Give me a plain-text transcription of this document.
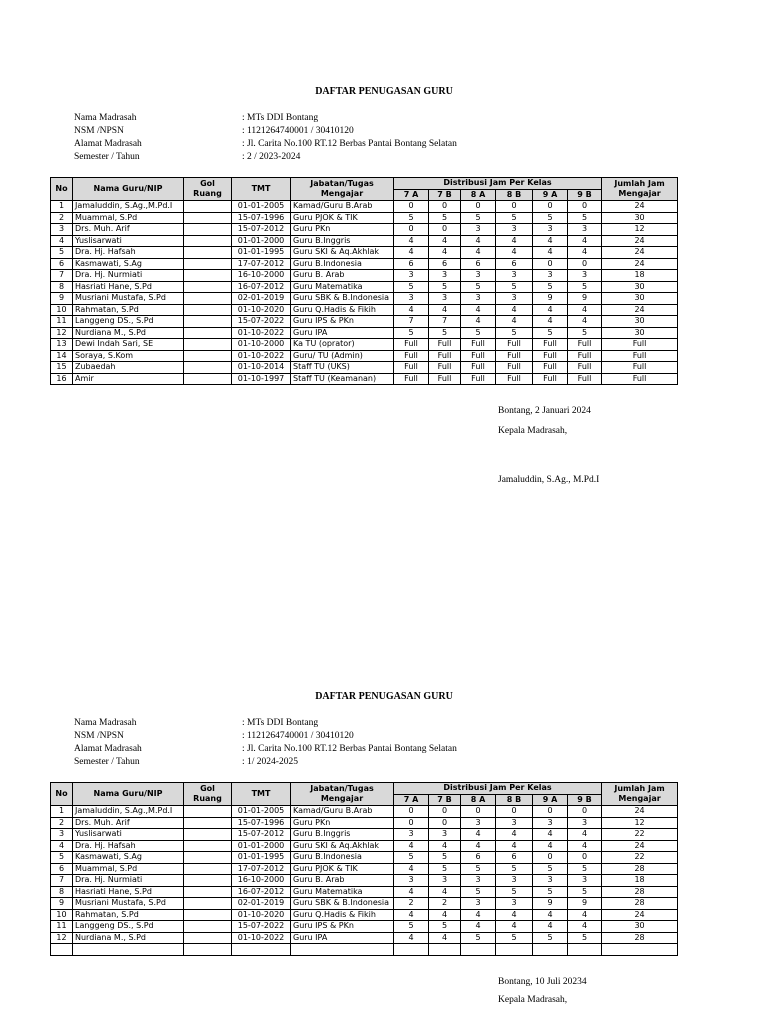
DAFTAR PENUGASAN GURU
Nama Madrasah	: MTs DDI Bontang
NSM /NPSN	: 1121264740001 / 30410120
Alamat Madrasah	: Jl. Carita No.100 RT.12 Berbas Pantai Bontang Selatan
Semester / Tahun	: 2 / 2023-2024
No	Nama Guru/NIP	Gol Ruang	TMT	Jabatan/Tugas Mengajar	Distribusi Jam Per Kelas						Jumlah Jam Mengajar
					7 A	7 B	8 A	8 B	9 A	9 B	
1	Jamaluddin, S.Ag.,M.Pd.I		01-01-2005	Kamad/Guru B.Arab	0	0	0	0	0	0	24
2	Muammal, S.Pd		15-07-1996	Guru PJOK & TIK	5	5	5	5	5	5	30
3	Drs. Muh. Arif		15-07-2012	Guru PKn	0	0	3	3	3	3	12
4	Yuslisarwati		01-01-2000	Guru B.Inggris	4	4	4	4	4	4	24
5	Dra. Hj. Hafsah		01-01-1995	Guru SKI & Aq.Akhlak	4	4	4	4	4	4	24
6	Kasmawati, S.Ag		17-07-2012	Guru B.Indonesia	6	6	6	6	0	0	24
7	Dra. Hj. Nurmiati		16-10-2000	Guru B. Arab	3	3	3	3	3	3	18
8	Hasriati Hane, S.Pd		16-07-2012	Guru Matematika	5	5	5	5	5	5	30
9	Musriani Mustafa, S.Pd		02-01-2019	Guru SBK & B.Indonesia	3	3	3	3	9	9	30
10	Rahmatan, S.Pd		01-10-2020	Guru Q.Hadis & Fikih	4	4	4	4	4	4	24
11	Langgeng DS., S.Pd		15-07-2022	Guru IPS & PKn	7	7	4	4	4	4	30
12	Nurdiana M., S.Pd		01-10-2022	Guru IPA	5	5	5	5	5	5	30
13	Dewi Indah Sari, SE		01-10-2000	Ka TU (oprator)	Full	Full	Full	Full	Full	Full	Full
14	Soraya, S.Kom		01-10-2022	Guru/ TU (Admin)	Full	Full	Full	Full	Full	Full	Full
15	Zubaedah		01-10-2014	Staff TU (UKS)	Full	Full	Full	Full	Full	Full	Full
16	Amir		01-10-1997	Staff TU (Keamanan)	Full	Full	Full	Full	Full	Full	Full
Bontang, 2 Januari 2024
Kepala Madrasah,
Jamaluddin, S.Ag., M.Pd.I
DAFTAR PENUGASAN GURU
Nama Madrasah	: MTs DDI Bontang
NSM /NPSN	: 1121264740001 / 30410120
Alamat Madrasah	: Jl. Carita No.100 RT.12 Berbas Pantai Bontang Selatan
Semester / Tahun	: 1/ 2024-2025
No	Nama Guru/NIP	Gol Ruang	TMT	Jabatan/Tugas Mengajar	Distribusi Jam Per Kelas						Jumlah Jam Mengajar
					7 A	7 B	8 A	8 B	9 A	9 B	
1	Jamaluddin, S.Ag.,M.Pd.I		01-01-2005	Kamad/Guru B.Arab	0	0	0	0	0	0	24
2	Drs. Muh. Arif		15-07-1996	Guru PKn	0	0	3	3	3	3	12
3	Yuslisarwati		15-07-2012	Guru B.Inggris	3	3	4	4	4	4	22
4	Dra. Hj. Hafsah		01-01-2000	Guru SKI & Aq.Akhlak	4	4	4	4	4	4	24
5	Kasmawati, S.Ag		01-01-1995	Guru B.Indonesia	5	5	6	6	0	0	22
6	Muammal, S.Pd		17-07-2012	Guru PJOK & TIK	4	5	5	5	5	5	28
7	Dra. Hj. Nurmiati		16-10-2000	Guru B. Arab	3	3	3	3	3	3	18
8	Hasriati Hane, S.Pd		16-07-2012	Guru Matematika	4	4	5	5	5	5	28
9	Musriani Mustafa, S.Pd		02-01-2019	Guru SBK & B.Indonesia	2	2	3	3	9	9	28
10	Rahmatan, S.Pd		01-10-2020	Guru Q.Hadis & Fikih	4	4	4	4	4	4	24
11	Langgeng DS., S.Pd		15-07-2022	Guru IPS & PKn	5	5	4	4	4	4	30
12	Nurdiana M., S.Pd		01-10-2022	Guru IPA	4	4	5	5	5	5	28

Bontang, 10 Juli 20234
Kepala Madrasah,
